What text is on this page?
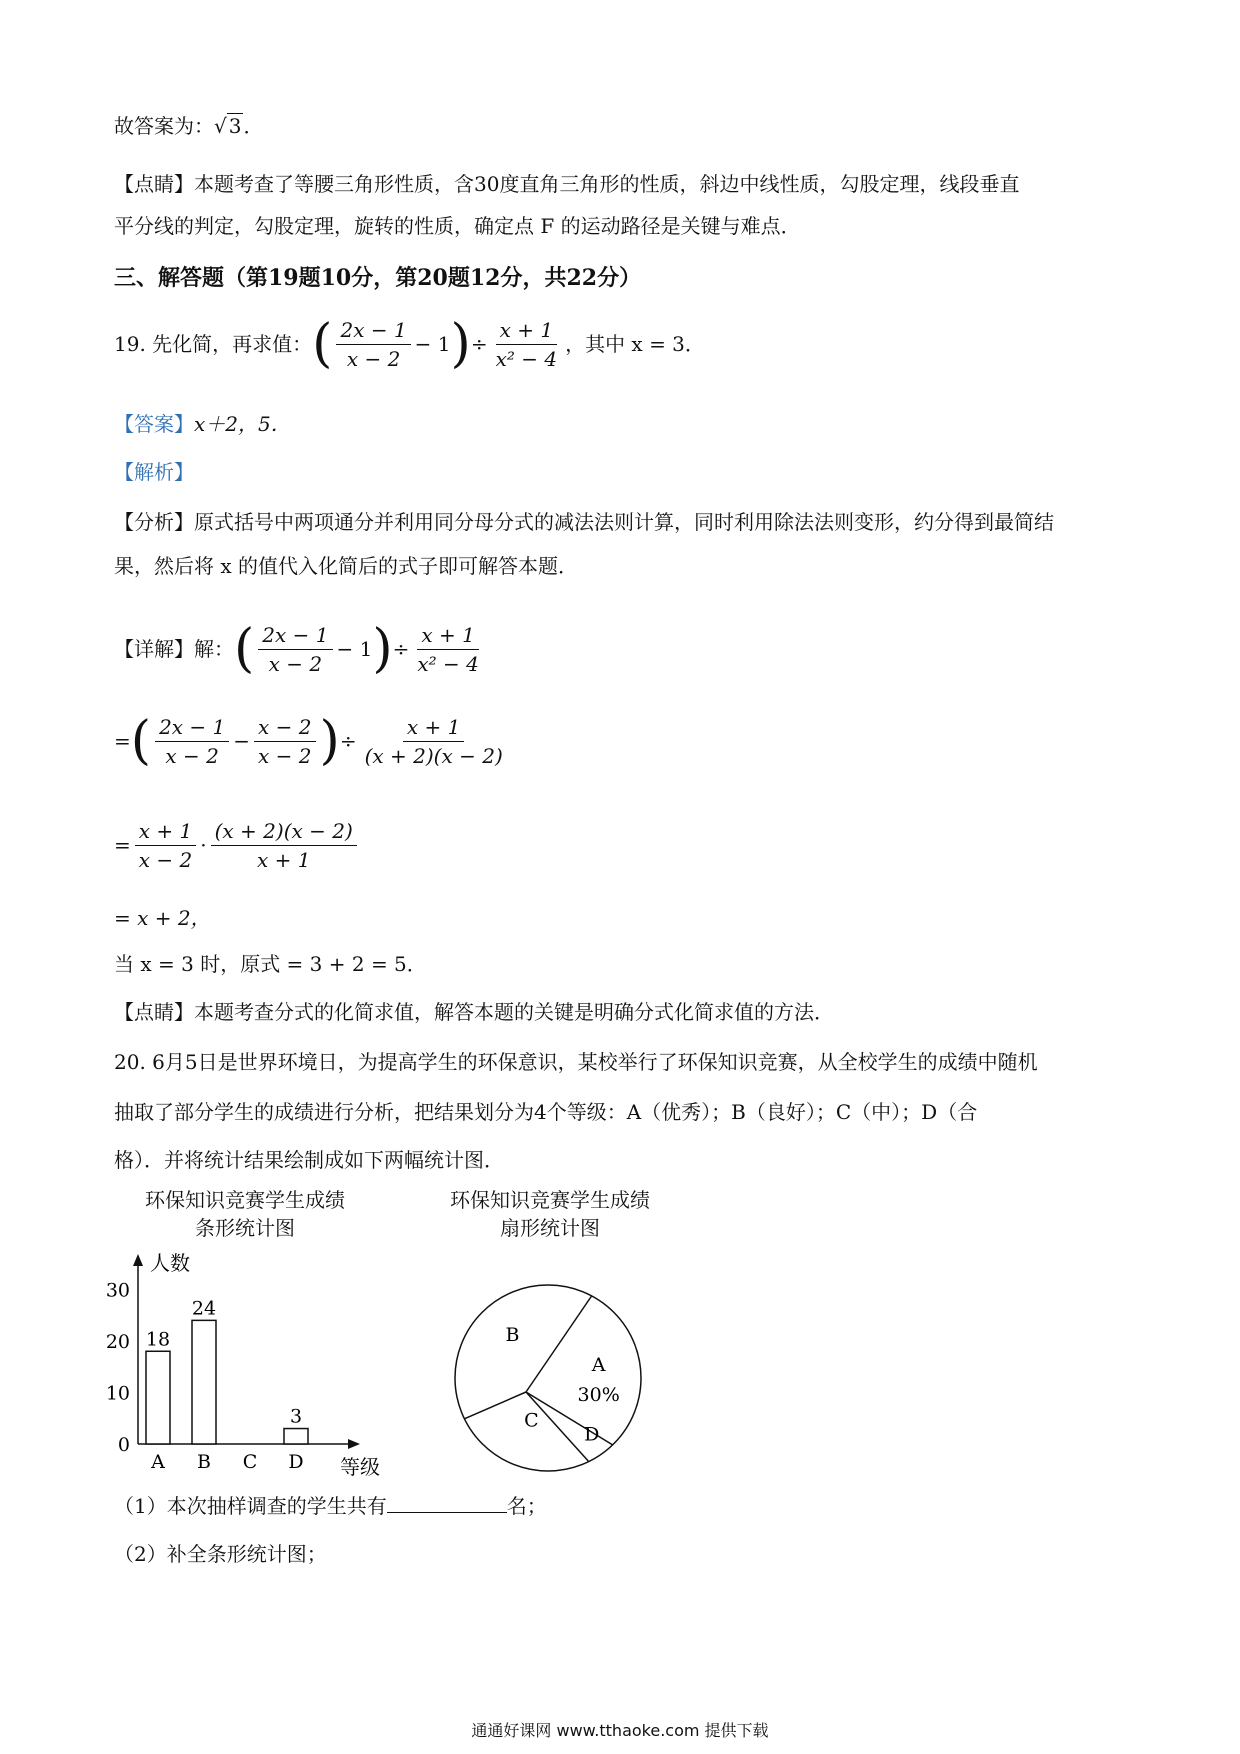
故答案为：√ 3 ．
【点睛】本题考查了等腰三角形性质，含30度直角三角形的性质，斜边中线性质，勾股定理，线段垂直
平分线的判定，勾股定理，旋转的性质，确定点 F 的运动路径是关键与难点．
三、解答题（第19题10分，第20题12分，共22分）
19. 先化简，再求值： ( $\frac{2x - 1}{x - 2} - 1$ ) ÷ $\frac{x + 1}{\text{x² − 4}}$ ，其中 x = 3．
【答案】x＋2，5．
【解析】
【分析】原式括号中两项通分并利用同分母分式的减法法则计算，同时利用除法法则变形，约分得到最简结
果，然后将 x 的值代入化简后的式子即可解答本题．
【详解】解： ( $\frac{2x - 1}{x - 2} - 1$ ) ÷ $\frac{x + 1}{\text{x² − 4}}$
= ( $\frac{2x - 1}{x - 2} - \frac{x - 2}{x - 2}$ ) ÷ $\frac{x + 1}{(x + 2)(x - 2)}$
= $\frac{x + 1}{x - 2} \cdot \frac{(x + 2)(x - 2)}{x + 1}$
= x + 2，
当 x = 3 时，原式 = 3 + 2 = 5．
【点睛】本题考查分式的化简求值，解答本题的关键是明确分式化简求值的方法．
20. 6月5日是世界环境日，为提高学生的环保意识，某校举行了环保知识竞赛，从全校学生的成绩中随机
抽取了部分学生的成绩进行分析，把结果划分为4个等级：A（优秀）；B（良好）；C（中）；D（合
格）．并将统计结果绘制成如下两幅统计图．
环保知识竞赛学生成绩
条形统计图
环保知识竞赛学生成绩
扇形统计图
人数
等级
0
10
20
30
18
A
24
B C
3
D
A
30%
D
C
B
（1）本次抽样调查的学生共有	名；
（2）补全条形统计图；
通通好课网 www.tthaoke.com 提供下载
